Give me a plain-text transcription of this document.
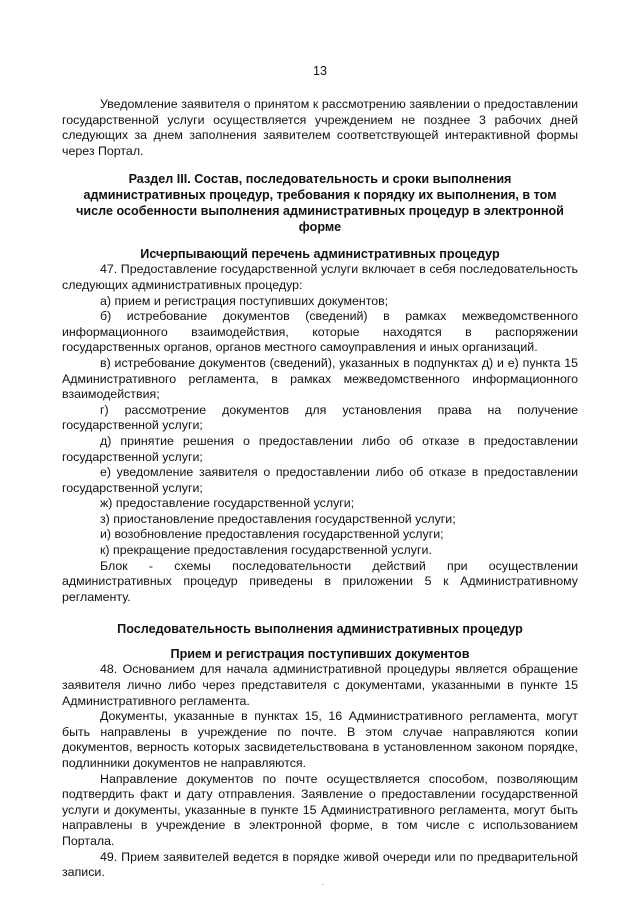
13

Уведомление заявителя о принятом к рассмотрению заявлении о предоставлении государственной услуги осуществляется учреждением не позднее 3 рабочих дней следующих за днем заполнения заявителем соответствующей интерактивной формы через Портал.

Раздел III. Состав, последовательность и сроки выполнения административных процедур, требования к порядку их выполнения, в том числе особенности выполнения административных процедур в электронной форме
Исчерпывающий перечень административных процедур

47. Предоставление государственной услуги включает в себя последовательность следующих административных процедур:

а) прием и регистрация поступивших документов;

б) истребование документов (сведений) в рамках межведомственного информационного взаимодействия, которые находятся в распоряжении государственных органов, органов местного самоуправления и иных организаций.

в) истребование документов (сведений), указанных в подпунктах д) и е) пункта 15 Административного регламента, в рамках межведомственного информационного взаимодействия;

г) рассмотрение документов для установления права на получение государственной услуги;

д) принятие решения о предоставлении либо об отказе в предоставлении государственной услуги;

е) уведомление заявителя о предоставлении либо об отказе в предоставлении государственной услуги;

ж) предоставление государственной услуги;

з) приостановление предоставления государственной услуги;

и) возобновление предоставления государственной услуги;

к) прекращение предоставления государственной услуги.

Блок - схемы последовательности действий при осуществлении административных процедур приведены в приложении 5 к Административному регламенту.

Последовательность выполнения административных процедур
Прием и регистрация поступивших документов

48. Основанием для начала административной процедуры является обращение заявителя лично либо через представителя с документами, указанными в пункте 15 Административного регламента.

Документы, указанные в пунктах 15, 16 Административного регламента, могут быть направлены в учреждение по почте. В этом случае направляются копии документов, верность которых засвидетельствована в установленном законом порядке, подлинники документов не направляются.

Направление документов по почте осуществляется способом, позволяющим подтвердить факт и дату отправления. Заявление о предоставлении государственной услуги и документы, указанные в пункте 15 Административного регламента, могут быть направлены в учреждение в электронной форме, в том числе с использованием Портала.

49. Прием заявителей ведется в порядке живой очереди или по предварительной записи.
